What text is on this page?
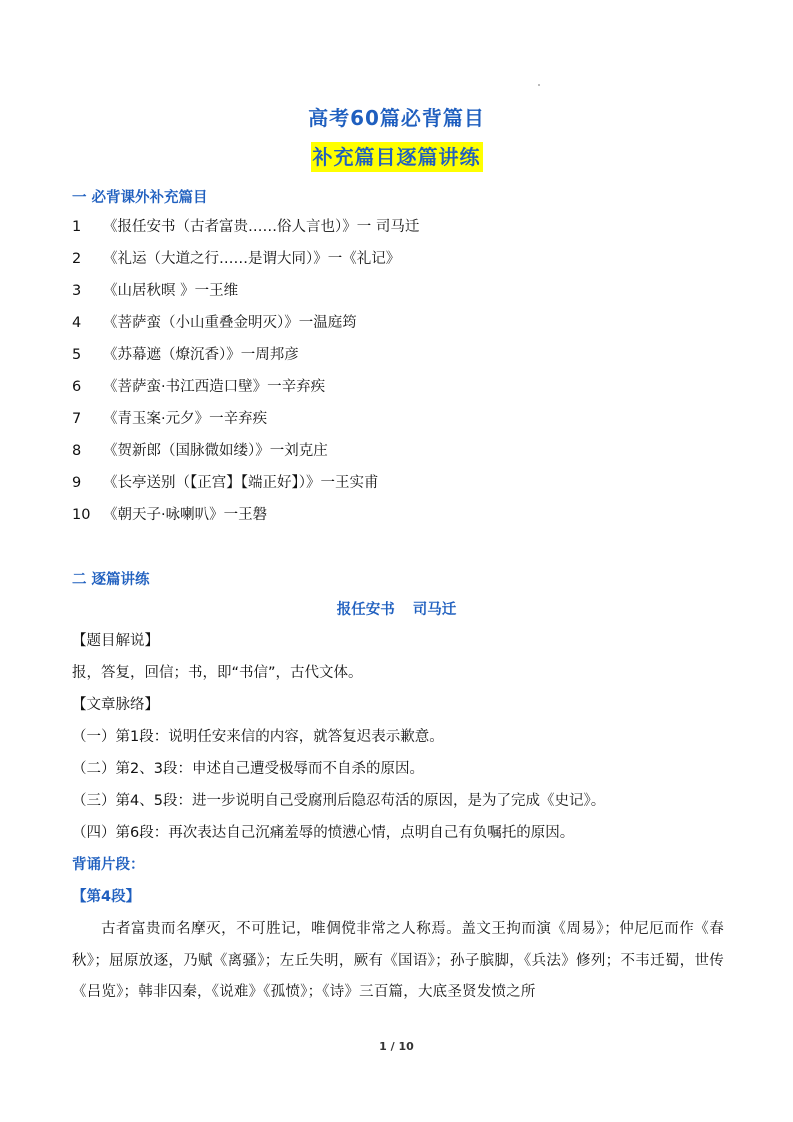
高考60篇必背篇目
补充篇目逐篇讲练
一 必背课外补充篇目
1 《报任安书（古者富贵……俗人言也）》一 司马迁
2 《礼运（大道之行……是谓大同）》一《礼记》
3 《山居秋暝 》一王维
4 《菩萨蛮（小山重叠金明灭）》一温庭筠
5 《苏幕遮（燎沉香）》一周邦彦
6 《菩萨蛮·书江西造口壁》一辛弃疾
7 《青玉案·元夕》一辛弃疾
8 《贺新郎（国脉微如缕）》一刘克庄
9 《长亭送别（【正宫】【端正好】）》一王实甫
10 《朝天子·咏喇叭》一王磐
二 逐篇讲练
报任安书 司马迁
【题目解说】
报，答复，回信；书，即“书信”，古代文体。
【文章脉络】
（一）第1段：说明任安来信的内容，就答复迟表示歉意。
（二）第2、3段：申述自己遭受极辱而不自杀的原因。
（三）第4、5段：进一步说明自己受腐刑后隐忍苟活的原因，是为了完成《史记》。
（四）第6段：再次表达自己沉痛羞辱的愤懑心情，点明自己有负嘱托的原因。
背诵片段：
【第4段】
古者富贵而名摩灭，不可胜记，唯倜傥非常之人称焉。盖文王拘而演《周易》；仲尼厄而作《春秋》；屈原放逐，乃赋《离骚》；左丘失明，厥有《国语》；孙子膑脚，《兵法》修列；不韦迁蜀，世传《吕览》；韩非囚秦，《说难》《孤愤》；《诗》三百篇，大底圣贤发愤之所
1 / 10
